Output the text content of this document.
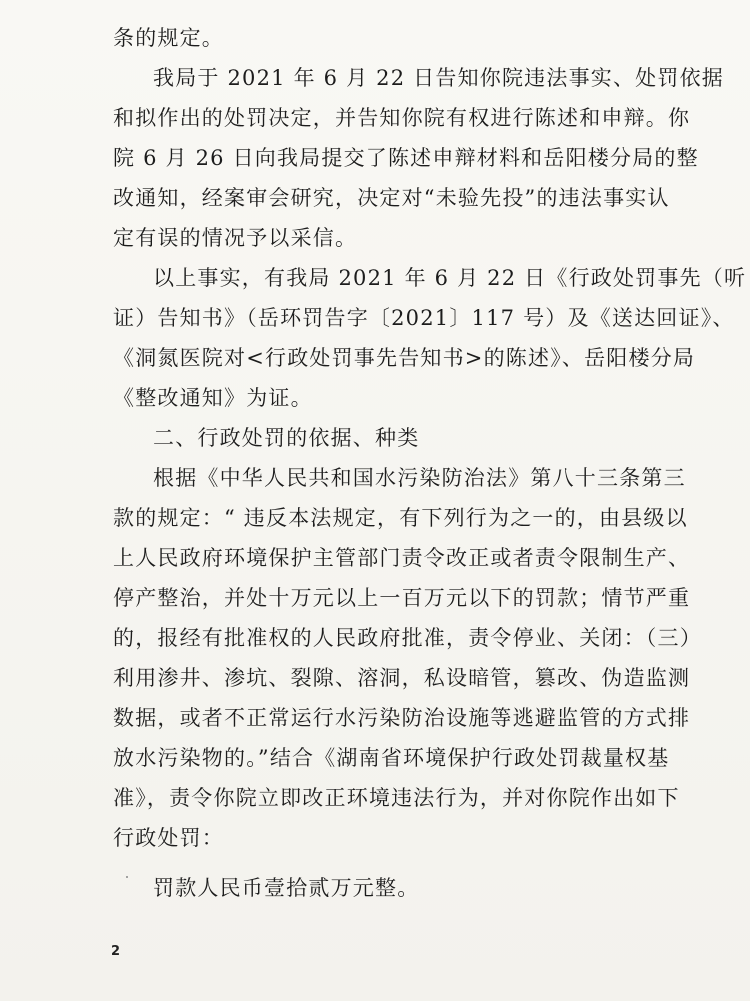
条的规定。
我局于 2021 年 6 月 22 日告知你院违法事实、处罚依据
和拟作出的处罚决定，并告知你院有权进行陈述和申辩。你
院 6 月 26 日向我局提交了陈述申辩材料和岳阳楼分局的整
改通知，经案审会研究，决定对“未验先投”的违法事实认
定有误的情况予以采信。
以上事实，有我局 2021 年 6 月 22 日《行政处罚事先（听
证）告知书》（岳环罚告字〔2021〕117 号）及《送达回证》、
《洞氮医院对<行政处罚事先告知书>的陈述》、岳阳楼分局
《整改通知》为证。
二、行政处罚的依据、种类
根据《中华人民共和国水污染防治法》第八十三条第三
款的规定：“ 违反本法规定，有下列行为之一的，由县级以
上人民政府环境保护主管部门责令改正或者责令限制生产、
停产整治，并处十万元以上一百万元以下的罚款；情节严重
的，报经有批准权的人民政府批准，责令停业、关闭：（三）
利用渗井、渗坑、裂隙、溶洞，私设暗管，篡改、伪造监测
数据，或者不正常运行水污染防治设施等逃避监管的方式排
放水污染物的。”结合《湖南省环境保护行政处罚裁量权基
准》，责令你院立即改正环境违法行为，并对你院作出如下
行政处罚：
罚款人民币壹拾贰万元整。
2
